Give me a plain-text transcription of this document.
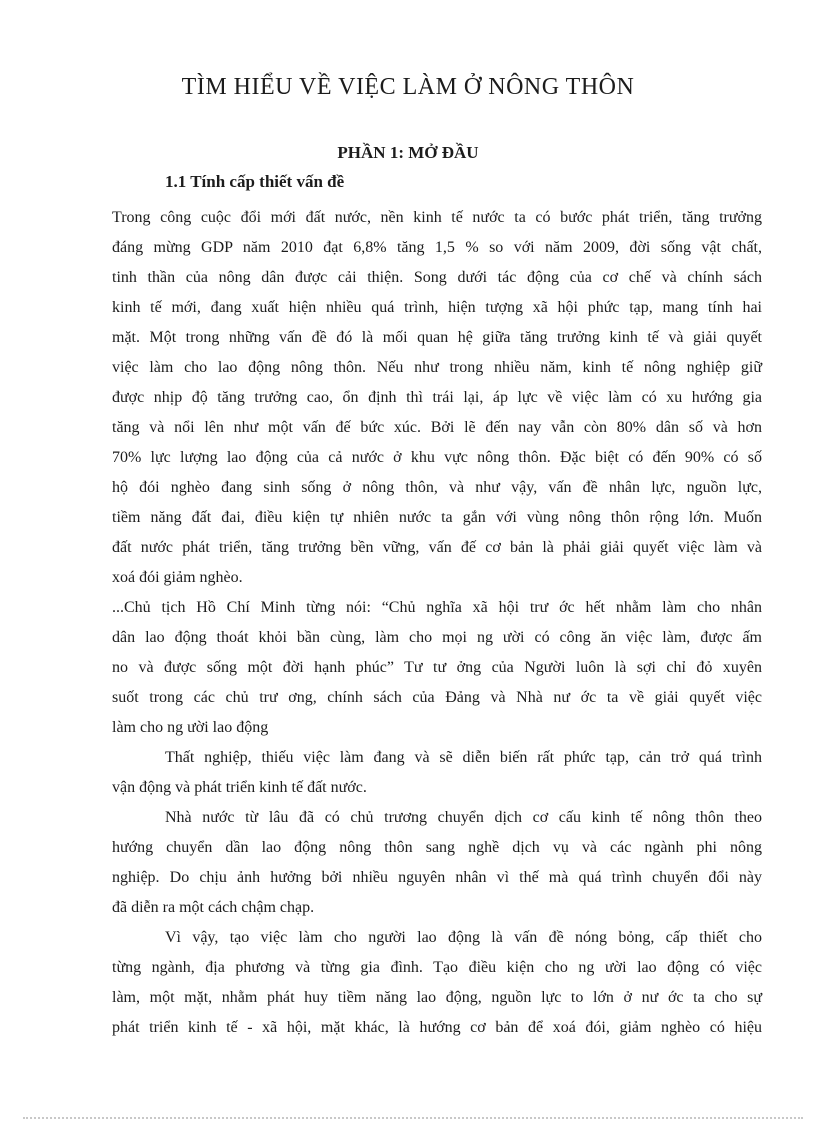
TÌM HIỂU VỀ VIỆC LÀM Ở NÔNG THÔN
PHẦN 1: MỞ ĐẦU
1.1 Tính cấp thiết vấn đề
Trong công cuộc đổi mới đất nước, nền kinh tế nước ta có bước phát triển, tăng trưởng
đáng mừng GDP năm 2010 đạt 6,8% tăng 1,5 % so với năm 2009, đời sống vật chất,
tinh thần của nông dân được cải thiện. Song dưới tác động của cơ chế và chính sách
kinh tế mới, đang xuất hiện nhiều quá trình, hiện tượng xã hội phức tạp, mang tính hai
mặt. Một trong những vấn đề đó là mối quan hệ giữa tăng trưởng kinh tế và giải quyết
việc làm cho lao động nông thôn. Nếu như trong nhiều năm, kinh tế nông nghiệp giữ
được nhịp độ tăng trưởng cao, ổn định thì trái lại, áp lực về việc làm có xu hướng gia
tăng và nổi lên như một vấn đế bức xúc. Bởi lẽ đến nay vẫn còn 80% dân số và hơn
70% lực lượng lao động của cả nước ở khu vực nông thôn. Đặc biệt có đến 90% có số
hộ đói nghèo đang sinh sống ở nông thôn, và như vậy, vấn đề nhân lực, nguồn lực,
tiềm năng đất đai, điều kiện tự nhiên nước ta gắn với vùng nông thôn rộng lớn. Muốn
đất nước phát triển, tăng trưởng bền vững, vấn đế cơ bản là phải giải quyết việc làm và
xoá đói giảm nghèo.
...Chủ tịch Hồ Chí Minh từng nói: “Chủ nghĩa xã hội trư ớc hết nhằm làm cho nhân
dân lao động thoát khỏi bần cùng, làm cho mọi ng ười có công ăn việc làm, được ấm
no và được sống một đời hạnh phúc” Tư tư ởng của Người luôn là sợi chỉ đỏ xuyên
suốt trong các chủ trư ơng, chính sách của Đảng và Nhà nư ớc ta về giải quyết việc
làm cho ng ười lao động
Thất nghiệp, thiếu việc làm đang và sẽ diễn biến rất phức tạp, cản trở quá trình
vận động và phát triển kinh tế đất nước.
Nhà nước từ lâu đã có chủ trương chuyển dịch cơ cấu kinh tế nông thôn theo
hướng chuyển dần lao động nông thôn sang nghề dịch vụ và các ngành phi nông
nghiệp. Do chịu ảnh hưởng bởi nhiều nguyên nhân vì thế mà quá trình chuyển đổi này
đã diễn ra một cách chậm chạp.
Vì vậy, tạo việc làm cho người lao động là vấn đề nóng bỏng, cấp thiết cho
từng ngành, địa phương và từng gia đình. Tạo điều kiện cho ng ười lao động có việc
làm, một mặt, nhằm phát huy tiềm năng lao động, nguồn lực to lớn ở nư ớc ta cho sự
phát triển kinh tế - xã hội, mặt khác, là hướng cơ bản để xoá đói, giảm nghèo có hiệu
